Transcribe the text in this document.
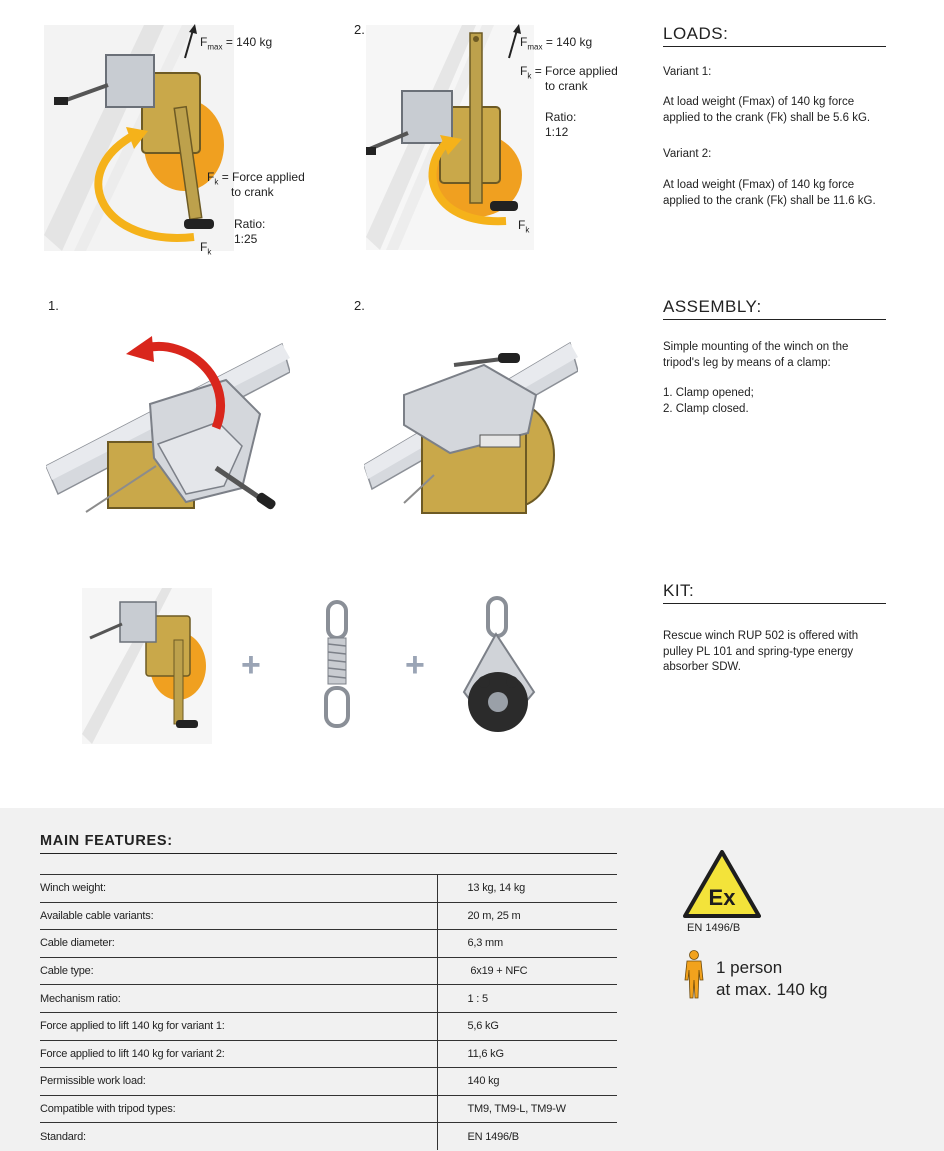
$F_{max} = 140$ kg
$F_k$ = Force applied
to crank
Ratio:
1:25
$F_k$
2.
$F_{max} = 140$ kg
$F_k$ = Force applied
to crank
Ratio:
1:12
$F_k$
LOADS:
Variant 1:
At load weight (Fmax) of 140 kg force applied to the crank (Fk) shall be 5.6 kG.
Variant 2:
At load weight (Fmax) of 140 kg force applied to the crank (Fk) shall be 11.6 kG.
1.	2.	ASSEMBLY:
Simple mounting of the winch on the tripod's leg by means of a clamp:
1. Clamp opened;
2. Clamp closed.
+	+
KIT:
Rescue winch RUP 502 is offered with pulley PL 101 and spring-type energy absorber SDW.
MAIN FEATURES:
Winch weight:	13 kg, 14 kg
Available cable variants:	20 m, 25 m
Cable diameter:	6,3 mm
Cable type:	6x19 + NFC
Mechanism ratio:	1 : 5
Force applied to lift 140 kg for variant 1:	5,6 kG
Force applied to lift 140 kg for variant 2:	11,6 kG
Permissible work load:	140 kg
Compatible with tripod types:	TM9, TM9-L, TM9-W
Standard:	EN 1496/B
Ex
EN 1496/B
1 person
at max. 140 kg
